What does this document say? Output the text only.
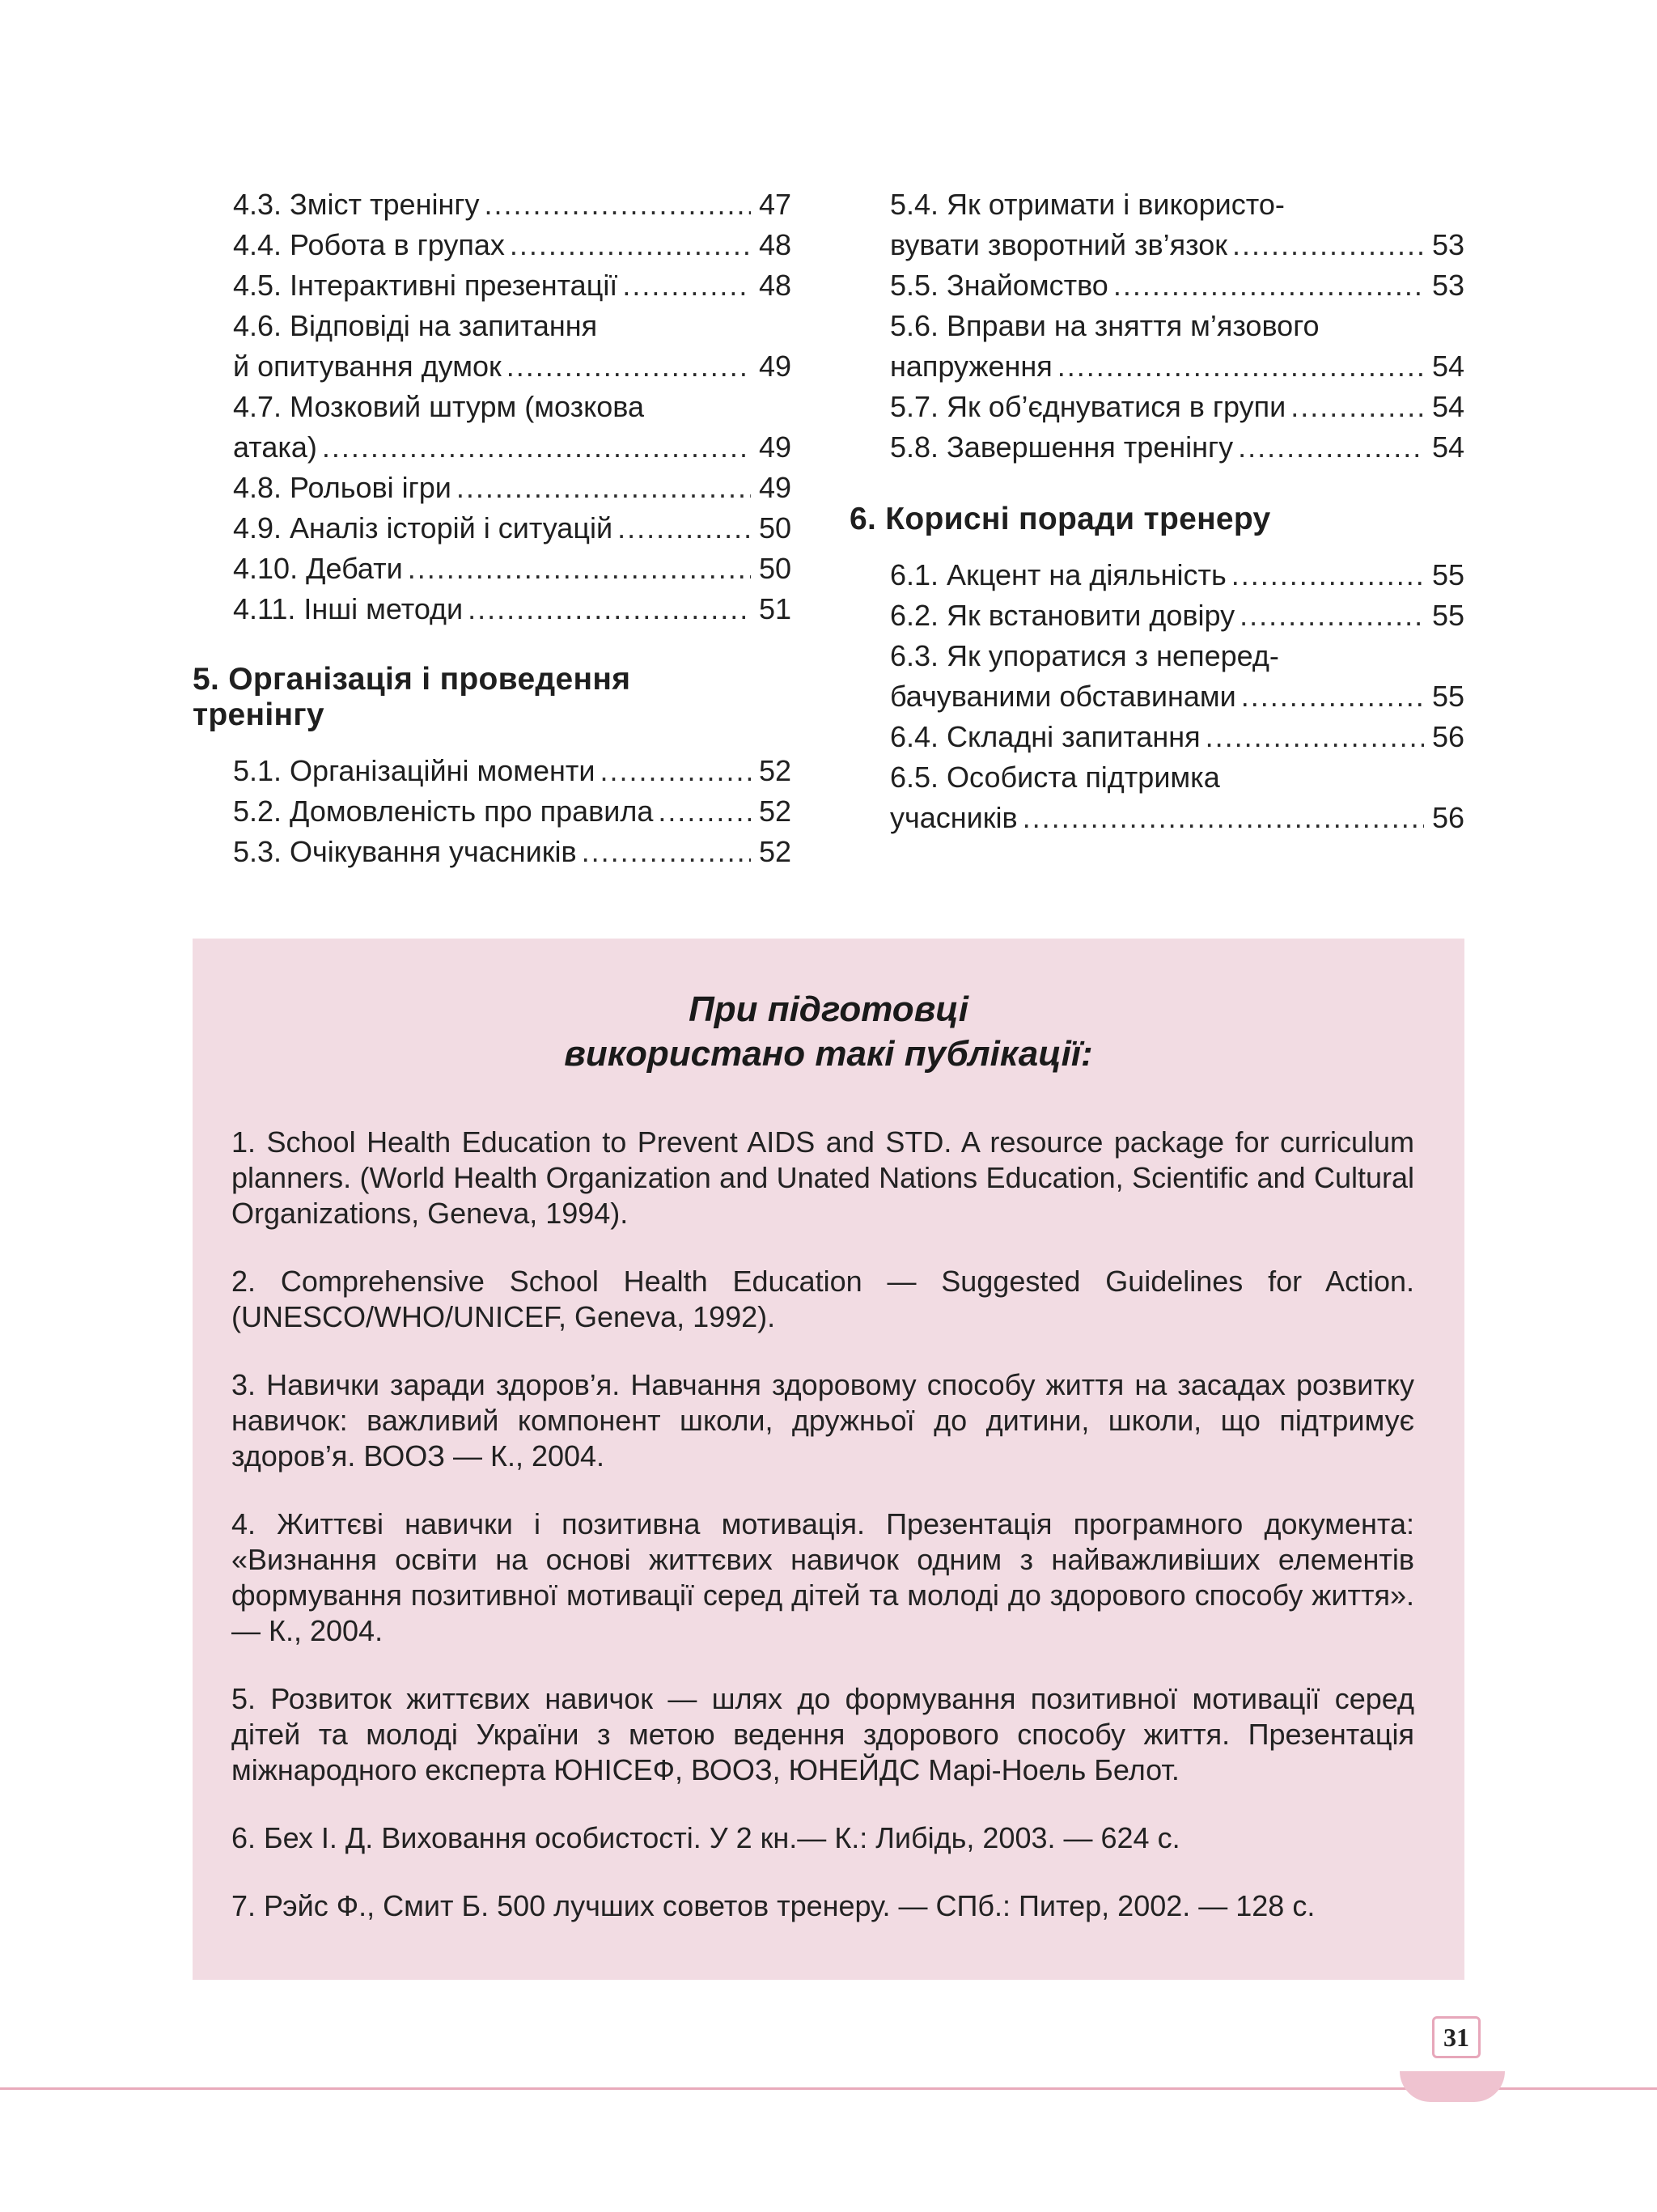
4.3. Зміст тренінгу .....	47
4.4. Робота в групах .....	48
4.5. Інтерактивні презентації .....	48
4.6. Відповіді на запитання
й опитування думок .....	49
4.7. Мозковий штурм (мозкова
атака) .....	49
4.8. Рольові ігри .....	49
4.9. Аналіз історій і ситуацій .....	50
4.10. Дебати .....	50
4.11. Інші методи .....	51
5. Організація і проведення
тренінгу
5.1. Організаційні моменти .....	52
5.2. Домовленість про правила .....	52
5.3. Очікування учасників .....	52
5.4. Як отримати і використо-
вувати зворотний зв’язок .....	53
5.5. Знайомство .....	53
5.6. Вправи на зняття м’язового
напруження .....	54
5.7. Як об’єднуватися в групи .....	54
5.8. Завершення тренінгу .....	54
6. Корисні поради тренеру
6.1. Акцент на діяльність .....	55
6.2. Як встановити довіру .....	55
6.3. Як упоратися з неперед-
бачуваними обставинами .....	55
6.4. Складні запитання .....	56
6.5. Особиста підтримка
учасників .....	56
При підготовці
використано такі публікації:

1. School Health Education to Prevent AIDS and STD. A resource package for curriculum planners. (World Health Organization and Unated Nations Education, Scientific and Cultural Organizations, Geneva, 1994).

2. Comprehensive School Health Education — Suggested Guidelines for Action. (UNESCO/WHO/UNICEF, Geneva, 1992).

3. Навички заради здоров’я. Навчання здоровому способу життя на засадах розвитку навичок: важливий компонент школи, дружньої до дитини, школи, що підтримує здоров’я. ВООЗ — К., 2004.

4. Життєві навички і позитивна мотивація. Презентація програмного документа: «Визнання освіти на основі життєвих навичок одним з найважливіших елементів формування позитивної мотивації серед дітей та молоді до здорового способу життя». — К., 2004.

5. Розвиток життєвих навичок — шлях до формування позитивної мотивації серед дітей та молоді України з метою ведення здорового способу життя. Презентація міжнародного експерта ЮНІСЕФ, ВООЗ, ЮНЕЙДС Марі-Ноель Белот.

6. Бех І. Д. Виховання особистості. У 2 кн.— К.: Либідь, 2003. — 624 с.

7. Рэйс Ф., Смит Б. 500 лучших советов тренеру. — СПб.: Питер, 2002. — 128 с.

31
